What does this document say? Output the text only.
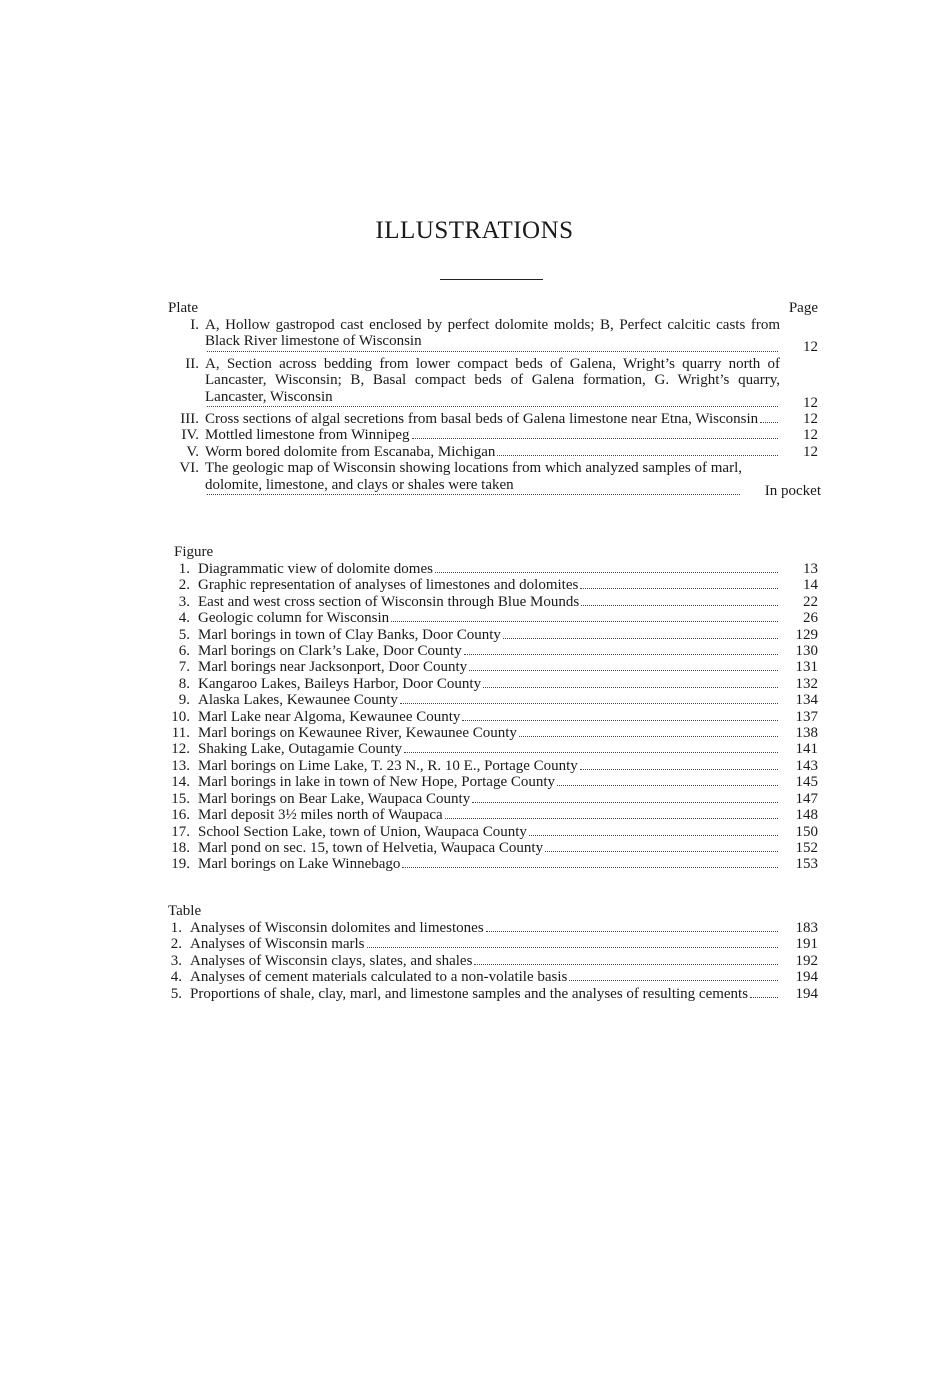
ILLUSTRATIONS
Plate	Page
I. A, Hollow gastropod cast enclosed by perfect dolomite molds; B, Perfect calcitic casts from Black River limestone of Wisconsin	12
II. A, Section across bedding from lower compact beds of Galena, Wright’s quarry north of Lancaster, Wisconsin; B, Basal compact beds of Galena formation, G. Wright’s quarry, Lancaster, Wisconsin	12
III. Cross sections of algal secretions from basal beds of Galena limestone near Etna, Wisconsin	12
IV. Mottled limestone from Winnipeg	12
V. Worm bored dolomite from Escanaba, Michigan	12
VI. The geologic map of Wisconsin showing locations from which analyzed samples of marl, dolomite, limestone, and clays or shales were taken	In pocket
Figure
1. Diagrammatic view of dolomite domes	13
2. Graphic representation of analyses of limestones and dolomites	14
3. East and west cross section of Wisconsin through Blue Mounds	22
4. Geologic column for Wisconsin	26
5. Marl borings in town of Clay Banks, Door County	129
6. Marl borings on Clark’s Lake, Door County	130
7. Marl borings near Jacksonport, Door County	131
8. Kangaroo Lakes, Baileys Harbor, Door County	132
9. Alaska Lakes, Kewaunee County	134
10. Marl Lake near Algoma, Kewaunee County	137
11. Marl borings on Kewaunee River, Kewaunee County	138
12. Shaking Lake, Outagamie County	141
13. Marl borings on Lime Lake, T. 23 N., R. 10 E., Portage County	143
14. Marl borings in lake in town of New Hope, Portage County	145
15. Marl borings on Bear Lake, Waupaca County	147
16. Marl deposit 3½ miles north of Waupaca	148
17. School Section Lake, town of Union, Waupaca County	150
18. Marl pond on sec. 15, town of Helvetia, Waupaca County	152
19. Marl borings on Lake Winnebago	153
Table
1. Analyses of Wisconsin dolomites and limestones	183
2. Analyses of Wisconsin marls	191
3. Analyses of Wisconsin clays, slates, and shales	192
4. Analyses of cement materials calculated to a non-volatile basis	194
5. Proportions of shale, clay, marl, and limestone samples and the analyses of resulting cements	194
